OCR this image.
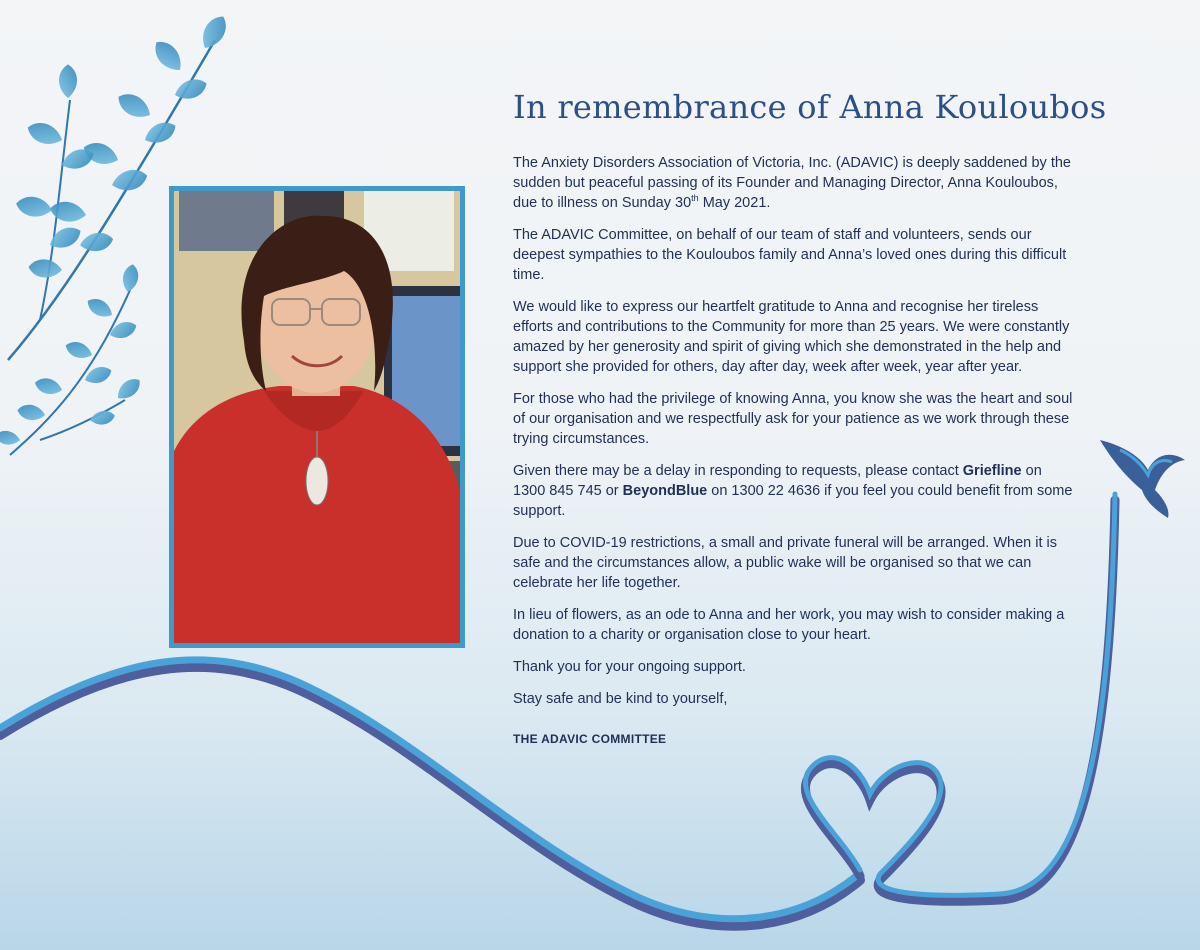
In remembrance of Anna Kouloubos

The Anxiety Disorders Association of Victoria, Inc. (ADAVIC) is deeply saddened by the sudden but peaceful passing of its Founder and Managing Director, Anna Kouloubos, due to illness on Sunday 30th May 2021.

The ADAVIC Committee, on behalf of our team of staff and volunteers, sends our deepest sympathies to the Kouloubos family and Anna’s loved ones during this difficult time.

We would like to express our heartfelt gratitude to Anna and recognise her tireless efforts and contributions to the Community for more than 25 years. We were constantly amazed by her generosity and spirit of giving which she demonstrated in the help and support she provided for others, day after day, week after week, year after year.

For those who had the privilege of knowing Anna, you know she was the heart and soul of our organisation and we respectfully ask for your patience as we work through these trying circumstances.

Given there may be a delay in responding to requests, please contact Griefline on 1300 845 745 or BeyondBlue on 1300 22 4636 if you feel you could benefit from some support.

Due to COVID-19 restrictions, a small and private funeral will be arranged. When it is safe and the circumstances allow, a public wake will be organised so that we can celebrate her life together.

In lieu of flowers, as an ode to Anna and her work, you may wish to consider making a donation to a charity or organisation close to your heart.

Thank you for your ongoing support.

Stay safe and be kind to yourself,

THE ADAVIC COMMITTEE
